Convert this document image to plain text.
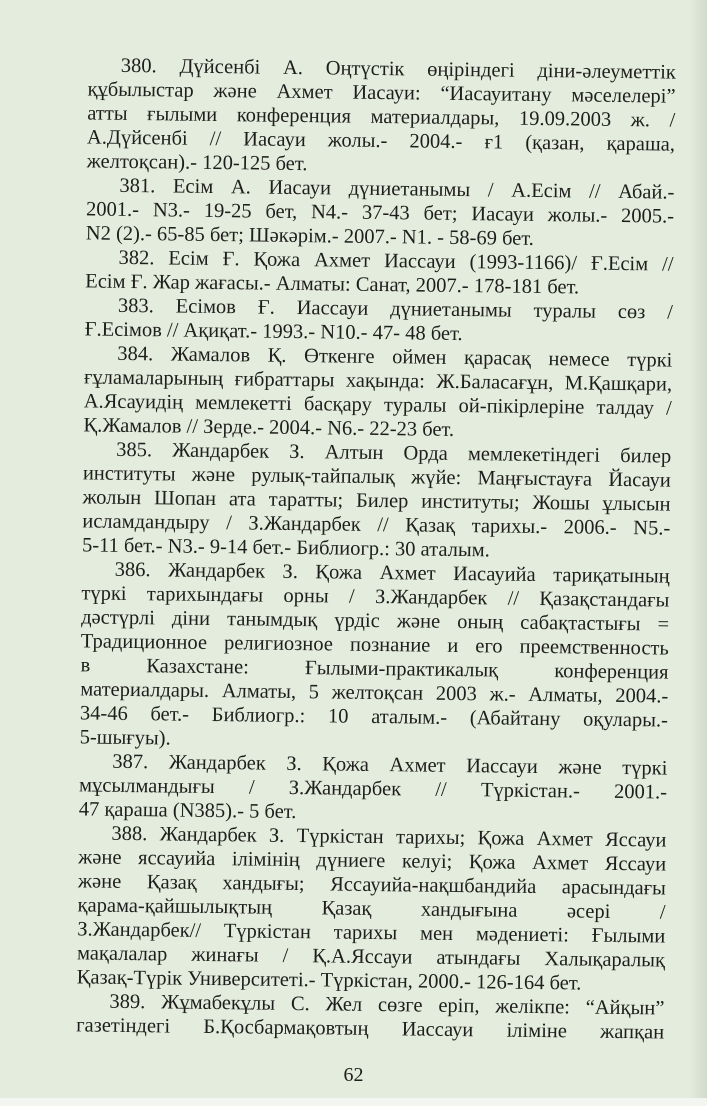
380. Дүйсенбі А. Оңтүстік өңіріндегі діни-әлеуметтік
құбылыстар және Ахмет Иасауи: “Иасауитану мәселелері”
атты ғылыми конференция материалдары, 19.09.2003 ж. /
А.Дүйсенбі // Иасауи жолы.- 2004.- ғ1 (қазан, қараша,
желтоқсан).- 120-125 бет.
381. Есім А. Иасауи дүниетанымы / А.Есім // Абай.-
2001.- N3.- 19-25 бет, N4.- 37-43 бет; Иасауи жолы.- 2005.-
N2 (2).- 65-85 бет; Шәкәрім.- 2007.- N1. - 58-69 бет.
382. Есім Ғ. Қожа Ахмет Иассауи (1993-1166)/ Ғ.Есім //
Есім Ғ. Жар жағасы.- Алматы: Санат, 2007.- 178-181 бет.
383. Есімов Ғ. Иассауи дүниетанымы туралы сөз /
Ғ.Есімов // Ақиқат.- 1993.- N10.- 47- 48 бет.
384. Жамалов Қ. Өткенге оймен қарасақ немесе түркі
ғұламаларының ғибраттары хақында: Ж.Баласағұн, М.Қашқари,
А.Ясауидің мемлекетті басқару туралы ой-пікірлеріне талдау /
Қ.Жамалов // Зерде.- 2004.- N6.- 22-23 бет.
385. Жандарбек З. Алтын Орда мемлекетіндегі билер
институты және рулық-тайпалық жүйе: Маңғыстауға Йасауи
жолын Шопан ата таратты; Билер институты; Жошы ұлысын
исламдандыру / З.Жандарбек // Қазақ тарихы.- 2006.- N5.-
5-11 бет.- N3.- 9-14 бет.- Библиогр.: 30 аталым.
386. Жандарбек З. Қожа Ахмет Иасауийа тариқатының
түркі тарихындағы орны / З.Жандарбек // Қазақстандағы
дәстүрлі діни танымдық үрдіс және оның сабақтастығы =
Традиционное религиозное познание и его преемственность
в Казахстане: Ғылыми-практикалық конференция
материалдары. Алматы, 5 желтоқсан 2003 ж.- Алматы, 2004.-
34-46 бет.- Библиогр.: 10 аталым.- (Абайтану оқулары.-
5-шығуы).
387. Жандарбек З. Қожа Ахмет Иассауи және түркі
мұсылмандығы / З.Жандарбек // Түркістан.- 2001.-
47 қараша (N385).- 5 бет.
388. Жандарбек З. Түркістан тарихы; Қожа Ахмет Яссауи
және яссауийа ілімінің дүниеге келуі; Қожа Ахмет Яссауи
және Қазақ хандығы; Яссауийа-нақшбандийа арасындағы
қарама-қайшылықтың Қазақ хандығына әсері /
З.Жандарбек// Түркістан тарихы мен мәдениеті: Ғылыми
мақалалар жинағы / Қ.А.Яссауи атындағы Халықаралық
Қазақ-Түрік Университеті.- Түркістан, 2000.- 126-164 бет.
389. Жұмабекұлы С. Жел сөзге еріп, желікпе: “Айқын”
газетіндегі Б.Қосбармақовтың Иассауи іліміне жапқан
62
